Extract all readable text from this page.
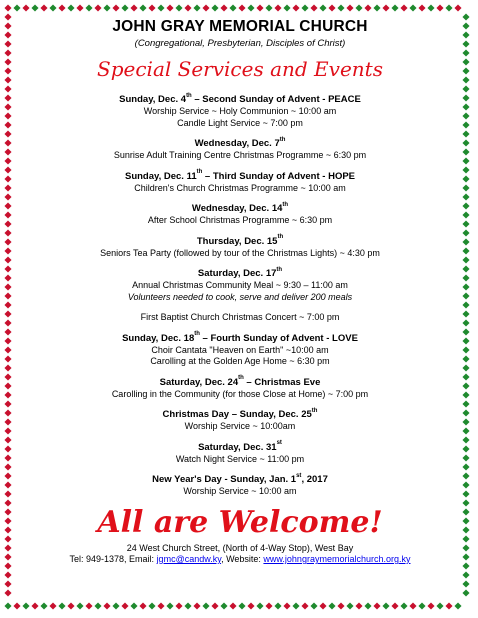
JOHN GRAY MEMORIAL CHURCH
(Congregational, Presbyterian, Disciples of Christ)
Special Services and Events
Sunday, Dec. 4th – Second Sunday of Advent - PEACE
Worship Service ~ Holy Communion ~ 10:00 am
Candle Light Service ~ 7:00 pm
Wednesday, Dec. 7th
Sunrise Adult Training Centre Christmas Programme ~ 6:30 pm
Sunday, Dec. 11th – Third Sunday of Advent - HOPE
Children's Church Christmas Programme ~ 10:00 am
Wednesday, Dec. 14th
After School Christmas Programme ~ 6:30 pm
Thursday, Dec. 15th
Seniors Tea Party (followed by tour of the Christmas Lights) ~ 4:30 pm
Saturday, Dec. 17th
Annual Christmas Community Meal ~ 9:30 – 11:00 am
Volunteers needed to cook, serve and deliver 200 meals
First Baptist Church Christmas Concert ~ 7:00 pm
Sunday, Dec. 18th – Fourth Sunday of Advent - LOVE
Choir Cantata "Heaven on Earth" ~10:00 am
Carolling at the Golden Age Home ~ 6:30 pm
Saturday, Dec. 24th – Christmas Eve
Carolling in the Community (for those Close at Home) ~ 7:00 pm
Christmas Day – Sunday, Dec. 25th
Worship Service ~ 10:00am
Saturday, Dec. 31st
Watch Night Service ~ 11:00 pm
New Year's Day - Sunday, Jan. 1st, 2017
Worship Service ~ 10:00 am
All are Welcome!
24 West Church Street, (North of 4-Way Stop), West Bay
Tel: 949-1378, Email: jgmc@candw.ky, Website: www.johngraymemorialchurch.org.ky
